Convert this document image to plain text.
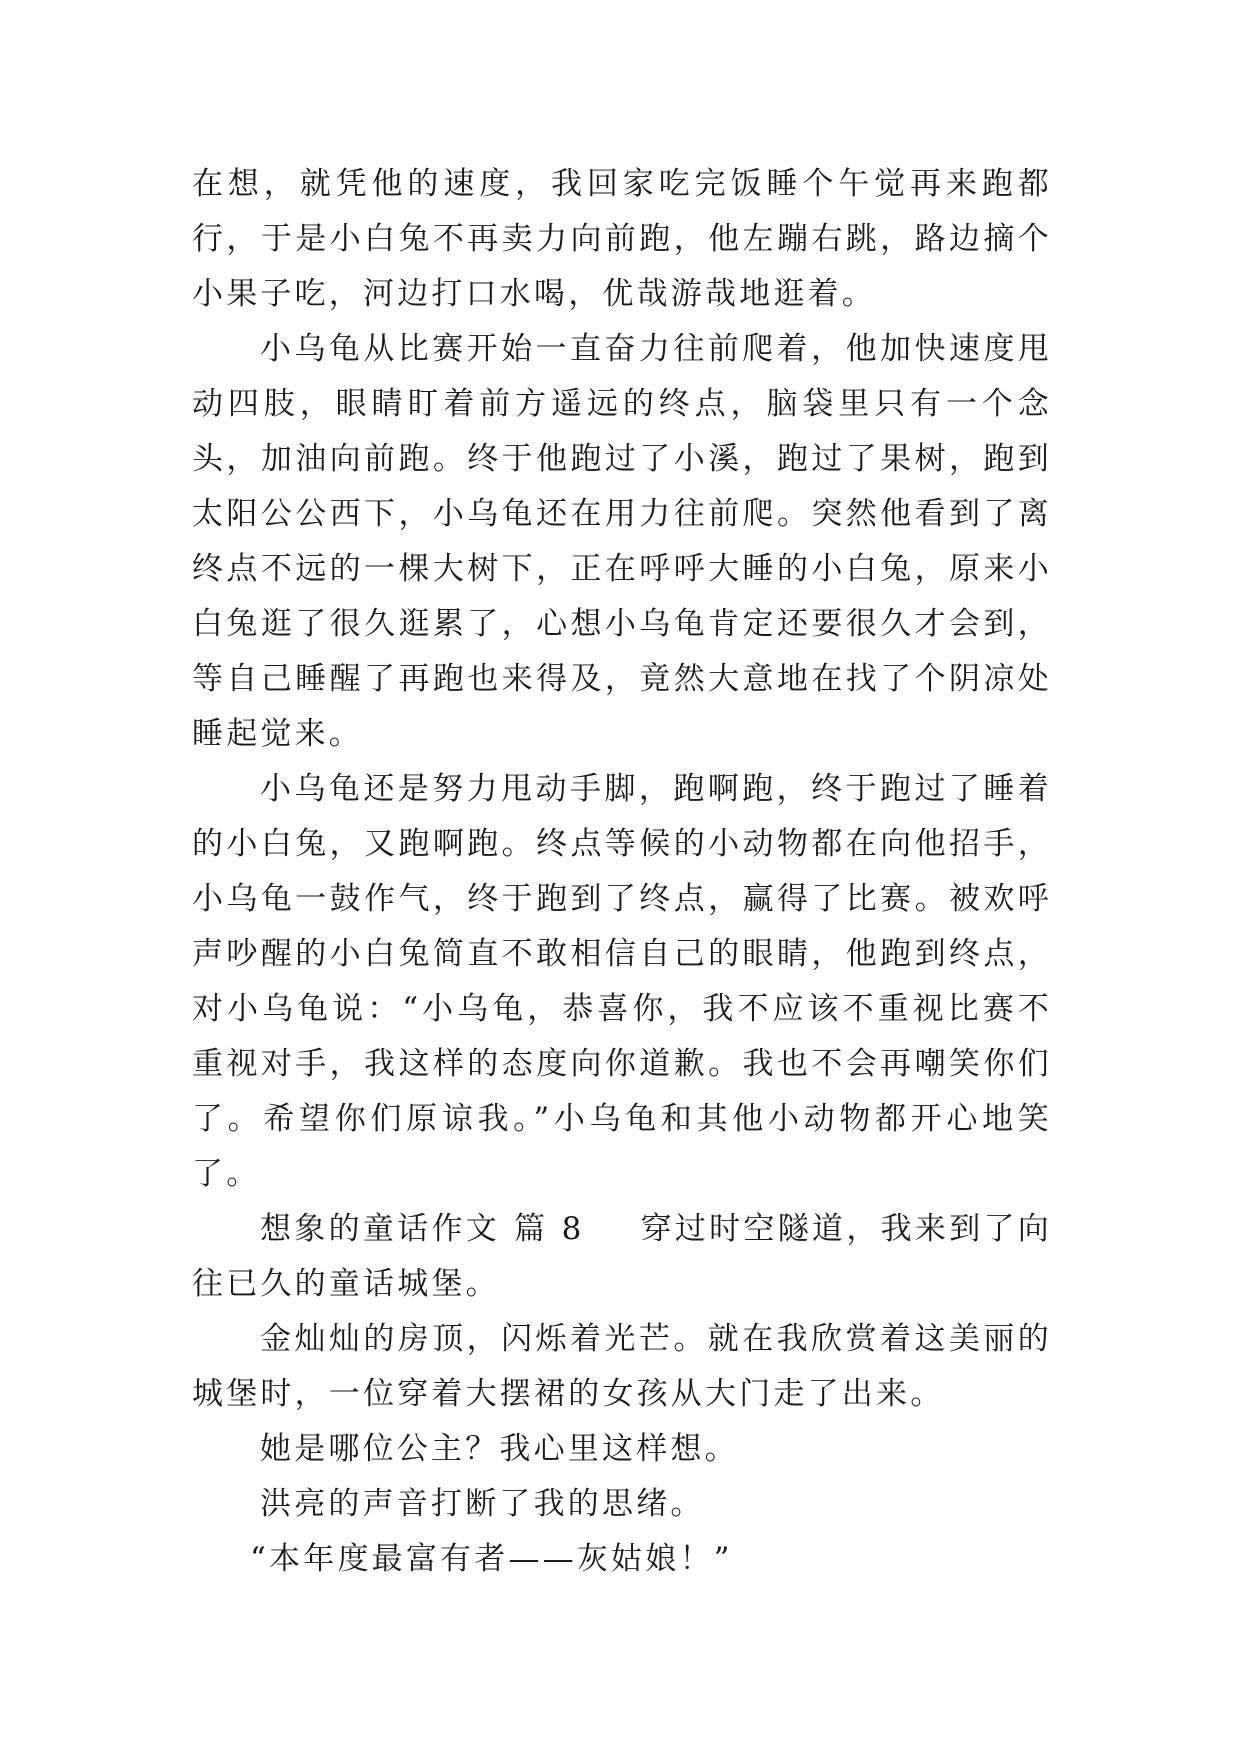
在想，就凭他的速度，我回家吃完饭睡个午觉再来跑都行，于是小白兔不再卖力向前跑，他左蹦右跳，路边摘个小果子吃，河边打口水喝，优哉游哉地逛着。

小乌龟从比赛开始一直奋力往前爬着，他加快速度甩动四肢，眼睛盯着前方遥远的终点，脑袋里只有一个念头，加油向前跑。终于他跑过了小溪，跑过了果树，跑到太阳公公西下，小乌龟还在用力往前爬。突然他看到了离终点不远的一棵大树下，正在呼呼大睡的小白兔，原来小白兔逛了很久逛累了，心想小乌龟肯定还要很久才会到，等自己睡醒了再跑也来得及，竟然大意地在找了个阴凉处睡起觉来。

小乌龟还是努力甩动手脚，跑啊跑，终于跑过了睡着的小白兔，又跑啊跑。终点等候的小动物都在向他招手，小乌龟一鼓作气，终于跑到了终点，赢得了比赛。被欢呼声吵醒的小白兔简直不敢相信自己的眼睛，他跑到终点，对小乌龟说：“小乌龟，恭喜你，我不应该不重视比赛不重视对手，我这样的态度向你道歉。我也不会再嘲笑你们了。希望你们原谅我。”小乌龟和其他小动物都开心地笑了。

想象的童话作文 篇 8 穿过时空隧道，我来到了向往已久的童话城堡。

金灿灿的房顶，闪烁着光芒。就在我欣赏着这美丽的城堡时，一位穿着大摆裙的女孩从大门走了出来。

她是哪位公主？我心里这样想。

洪亮的声音打断了我的思绪。

“本年度最富有者——灰姑娘！”
